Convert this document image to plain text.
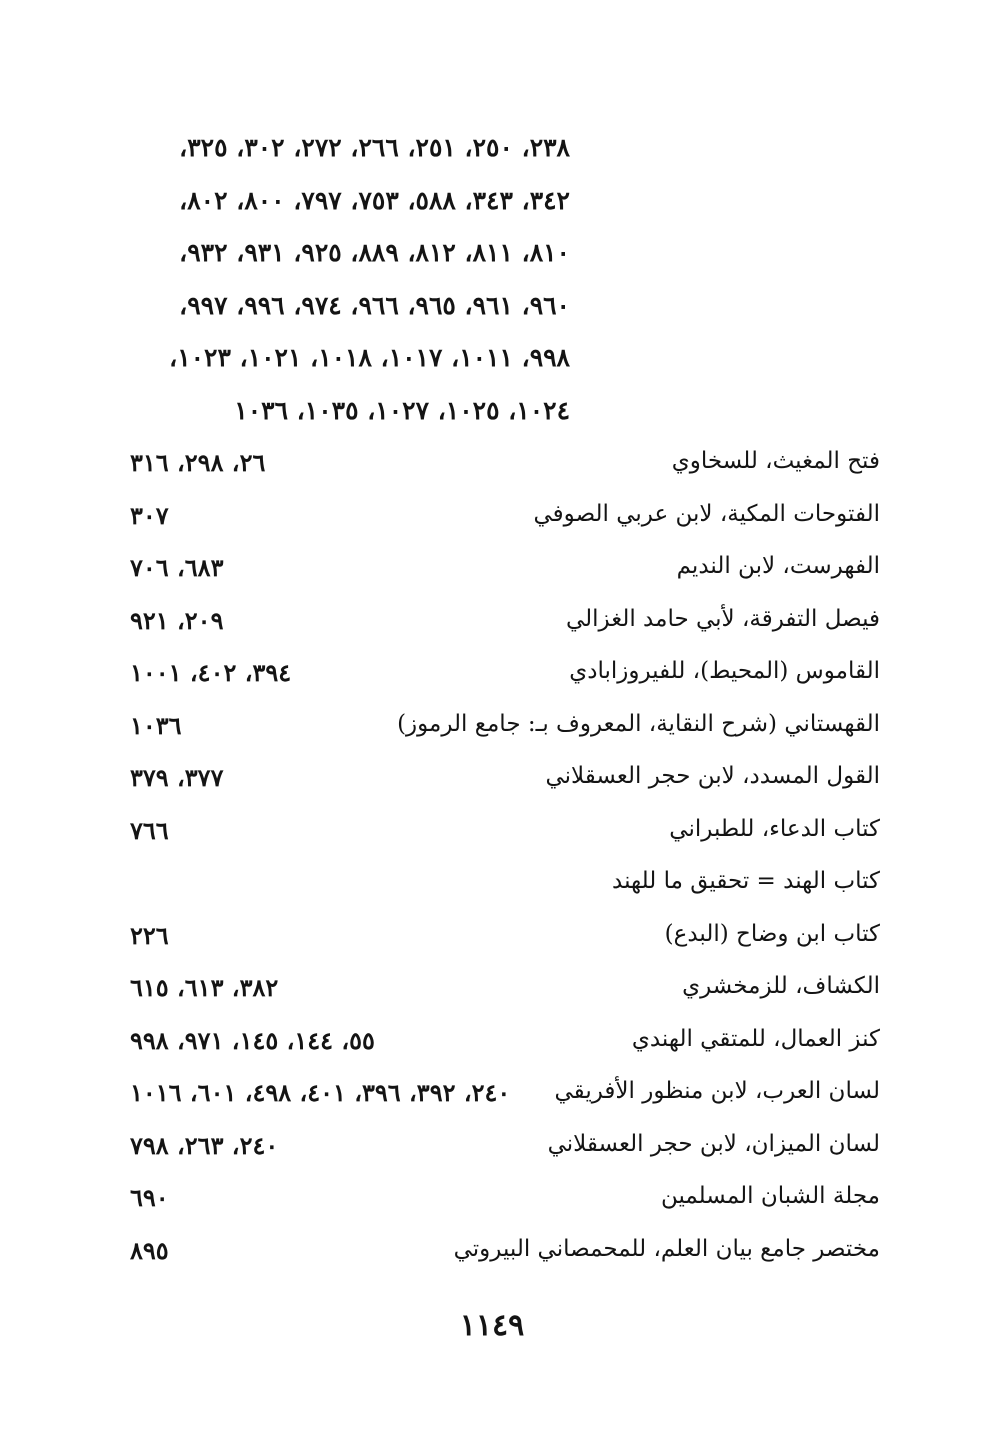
٢٣٨، ٢٥٠، ٢٥١، ٢٦٦، ٢٧٢، ٣٠٢، ٣٢٥،
٣٤٢، ٣٤٣، ٥٨٨، ٧٥٣، ٧٩٧، ٨٠٠، ٨٠٢،
٨١٠، ٨١١، ٨١٢، ٨٨٩، ٩٢٥، ٩٣١، ٩٣٢،
٩٦٠، ٩٦١، ٩٦٥، ٩٦٦، ٩٧٤، ٩٩٦، ٩٩٧،
٩٩٨، ١٠١١، ١٠١٧، ١٠١٨، ١٠٢١، ١٠٢٣،
١٠٢٤، ١٠٢٥، ١٠٢٧، ١٠٣٥، ١٠٣٦
فتح المغيث، للسخاوي
٢٦، ٢٩٨، ٣١٦
الفتوحات المكية، لابن عربي الصوفي
٣٠٧
الفهرست، لابن النديم
٦٨٣، ٧٠٦
فيصل التفرقة، لأبي حامد الغزالي
٢٠٩، ٩٢١
القاموس (المحيط)، للفيروزابادي
٣٩٤، ٤٠٢، ١٠٠١
القهستاني (شرح النقاية، المعروف بـ: جامع الرموز)
١٠٣٦
القول المسدد، لابن حجر العسقلاني
٣٧٧، ٣٧٩
كتاب الدعاء، للطبراني
٧٦٦
كتاب الهند = تحقيق ما للهند
كتاب ابن وضاح (البدع)
٢٢٦
الكشاف، للزمخشري
٣٨٢، ٦١٣، ٦١٥
كنز العمال، للمتقي الهندي
٥٥، ١٤٤، ١٤٥، ٩٧١، ٩٩٨
لسان العرب، لابن منظور الأفريقي
٢٤٠، ٣٩٢، ٣٩٦، ٤٠١، ٤٩٨، ٦٠١، ١٠١٦
لسان الميزان، لابن حجر العسقلاني
٢٤٠، ٢٦٣، ٧٩٨
مجلة الشبان المسلمين
٦٩٠
مختصر جامع بيان العلم، للمحمصاني البيروتي
٨٩٥
١١٤٩
